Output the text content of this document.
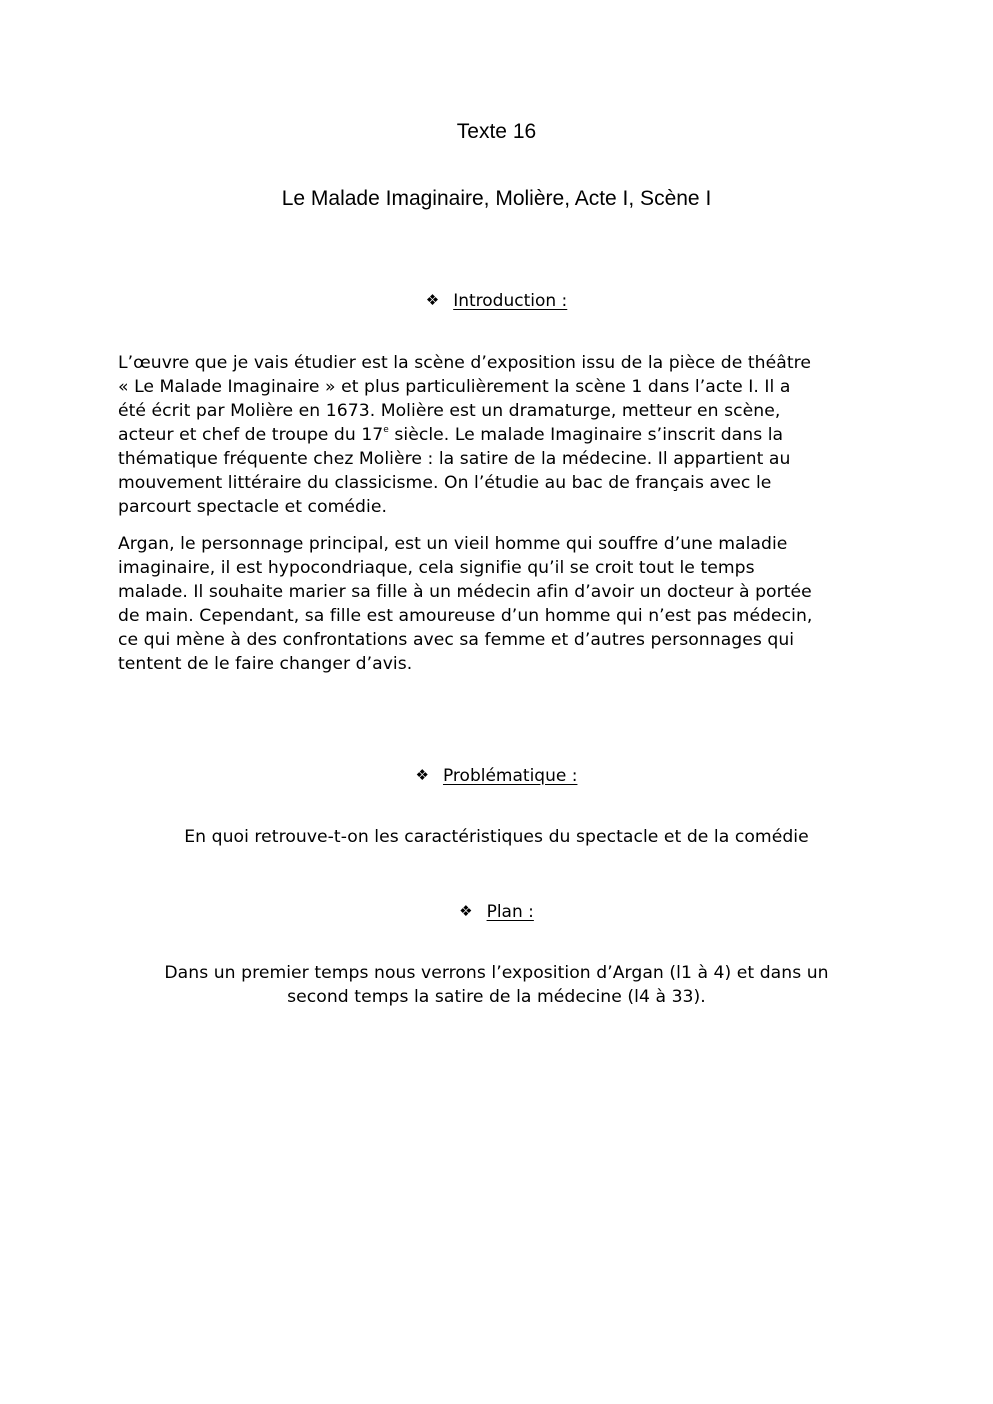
Texte 16
Le Malade Imaginaire, Molière, Acte I, Scène I
❖ Introduction :

L’œuvre que je vais étudier est la scène d’exposition issu de la pièce de théâtre
« Le Malade Imaginaire » et plus particulièrement la scène 1 dans l’acte I. Il a
été écrit par Molière en 1673. Molière est un dramaturge, metteur en scène,
acteur et chef de troupe du 17e siècle. Le malade Imaginaire s’inscrit dans la
thématique fréquente chez Molière : la satire de la médecine. Il appartient au
mouvement littéraire du classicisme. On l’étudie au bac de français avec le
parcourt spectacle et comédie.

Argan, le personnage principal, est un vieil homme qui souffre d’une maladie
imaginaire, il est hypocondriaque, cela signifie qu’il se croit tout le temps
malade. Il souhaite marier sa fille à un médecin afin d’avoir un docteur à portée
de main. Cependant, sa fille est amoureuse d’un homme qui n’est pas médecin,
ce qui mène à des confrontations avec sa femme et d’autres personnages qui
tentent de le faire changer d’avis.

❖ Problématique :

En quoi retrouve-t-on les caractéristiques du spectacle et de la comédie

❖ Plan :

Dans un premier temps nous verrons l’exposition d’Argan (l1 à 4) et dans un
second temps la satire de la médecine (l4 à 33).
